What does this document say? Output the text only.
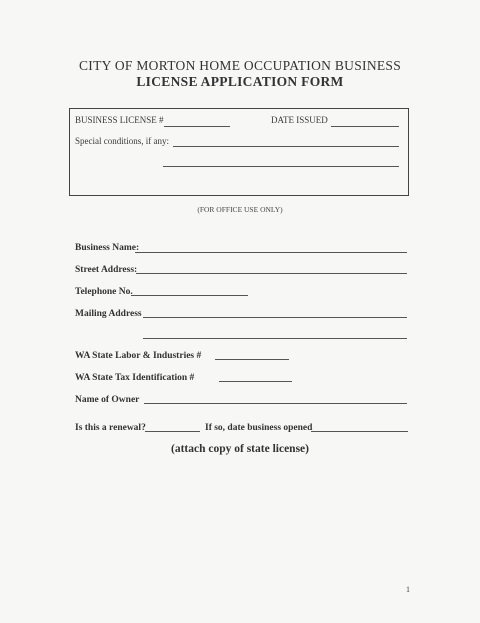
CITY OF MORTON HOME OCCUPATION BUSINESS
LICENSE APPLICATION FORM
BUSINESS LICENSE #	DATE ISSUED
Special conditions, if any:
(FOR OFFICE USE ONLY)
Business Name:
Street Address:
Telephone No.
Mailing Address
WA State Labor & Industries #
WA State Tax Identification #
Name of Owner
Is this a renewal?	If so, date business opened
(attach copy of state license)
1
